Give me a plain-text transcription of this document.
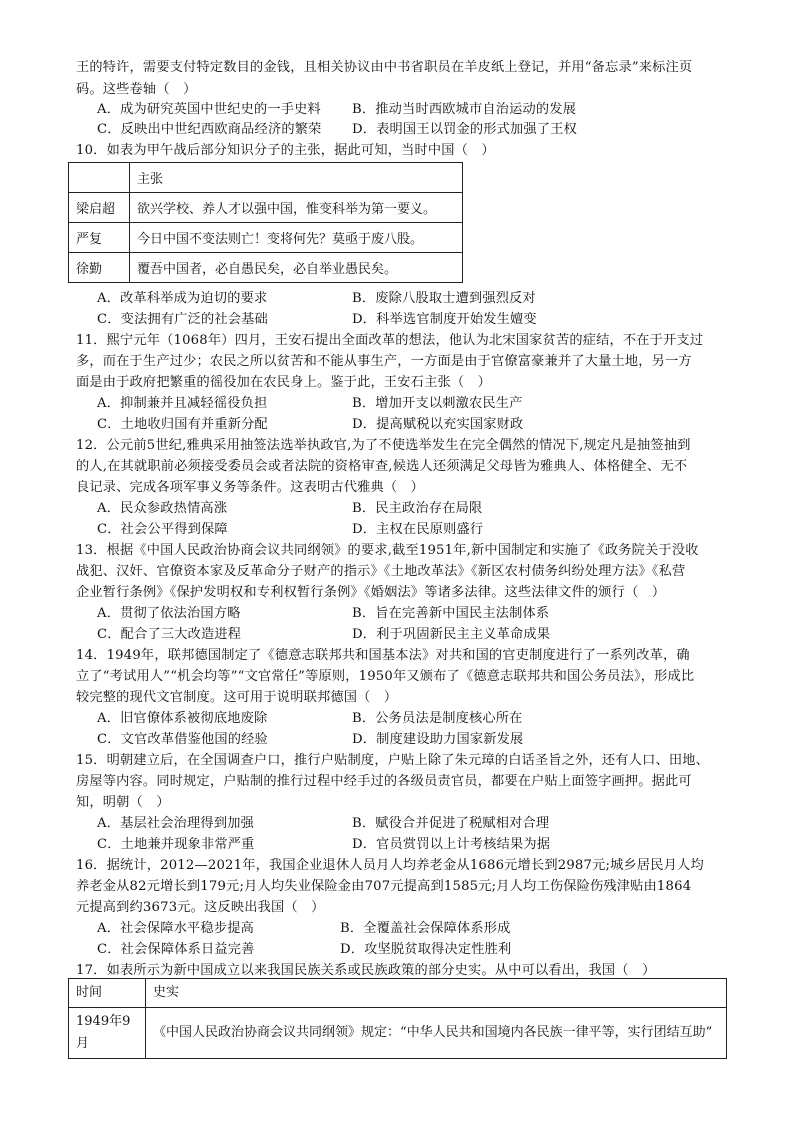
王的特许，需要支付特定数目的金钱，且相关协议由中书省职员在羊皮纸上登记，并用“备忘录”来标注页
码。这些卷轴（　）
A．成为研究英国中世纪史的一手史料 B．推动当时西欧城市自治运动的发展
C．反映出中世纪西欧商品经济的繁荣 D．表明国王以罚金的形式加强了王权
10．如表为甲午战后部分知识分子的主张，据此可知，当时中国（　）
	主张
梁启超	欲兴学校、养人才以强中国，惟变科举为第一要义。
严复	今日中国不变法则亡！变将何先？莫亟于废八股。
徐勤	覆吾中国者，必自愚民矣，必自举业愚民矣。
A．改革科举成为迫切的要求	B．废除八股取士遭到强烈反对
C．变法拥有广泛的社会基础	D．科举选官制度开始发生嬗变
11．熙宁元年（1068年）四月，王安石提出全面改革的想法，他认为北宋国家贫苦的症结，不在于开支过
多，而在于生产过少；农民之所以贫苦和不能从事生产，一方面是由于官僚富豪兼并了大量土地，另一方
面是由于政府把繁重的徭役加在农民身上。鉴于此，王安石主张（　）
A．抑制兼并且减轻徭役负担	B．增加开支以刺激农民生产
C．土地收归国有并重新分配	D．提高赋税以充实国家财政
12．公元前5世纪,雅典采用抽签法选举执政官,为了不使选举发生在完全偶然的情况下,规定凡是抽签抽到
的人,在其就职前必须接受委员会或者法院的资格审查,候选人还须满足父母皆为雅典人、体格健全、无不
良记录、完成各项军事义务等条件。这表明古代雅典（　）
A．民众参政热情高涨	B．民主政治存在局限
C．社会公平得到保障	D．主权在民原则盛行
13．根据《中国人民政治协商会议共同纲领》的要求,截至1951年,新中国制定和实施了《政务院关于没收
战犯、汉奸、官僚资本家及反革命分子财产的指示》《土地改革法》《新区农村债务纠纷处理方法》《私营
企业暂行条例》《保护发明权和专利权暂行条例》《婚姻法》等诸多法律。这些法律文件的颁行（　）
A．贯彻了依法治国方略	B．旨在完善新中国民主法制体系
C．配合了三大改造进程	D．利于巩固新民主主义革命成果
14．1949年，联邦德国制定了《德意志联邦共和国基本法》对共和国的官吏制度进行了一系列改革，确
立了“考试用人”“机会均等”“文官常任”等原则，1950年又颁布了《德意志联邦共和国公务员法》，形成比
较完整的现代文官制度。这可用于说明联邦德国（　）
A．旧官僚体系被彻底地废除	B．公务员法是制度核心所在
C．文官改革借鉴他国的经验	D．制度建设助力国家新发展
15．明朝建立后，在全国调查户口，推行户贴制度，户贴上除了朱元璋的白话圣旨之外，还有人口、田地、
房屋等内容。同时规定，户贴制的推行过程中经手过的各级员责官员，都要在户贴上面签字画押。据此可
知，明朝（　）
A．基层社会治理得到加强	B．赋役合并促进了税赋相对合理
C．土地兼并现象非常严重	D．官员赏罚以上计考核结果为据
16．据统计，2012—2021年，我国企业退休人员月人均养老金从1686元增长到2987元;城乡居民月人均
养老金从82元增长到179元;月人均失业保险金由707元提高到1585元;月人均工伤保险伤残津贴由1864
元提高到约3673元。这反映出我国（　）
A．社会保障水平稳步提高	B．全覆盖社会保障体系形成
C．社会保障体系日益完善	D．攻坚脱贫取得决定性胜利
17．如表所示为新中国成立以来我国民族关系或民族政策的部分史实。从中可以看出，我国（　）
时间	史实
1949年9月	《中国人民政治协商会议共同纲领》规定：“中华人民共和国境内各民族一律平等，实行团结互助”
